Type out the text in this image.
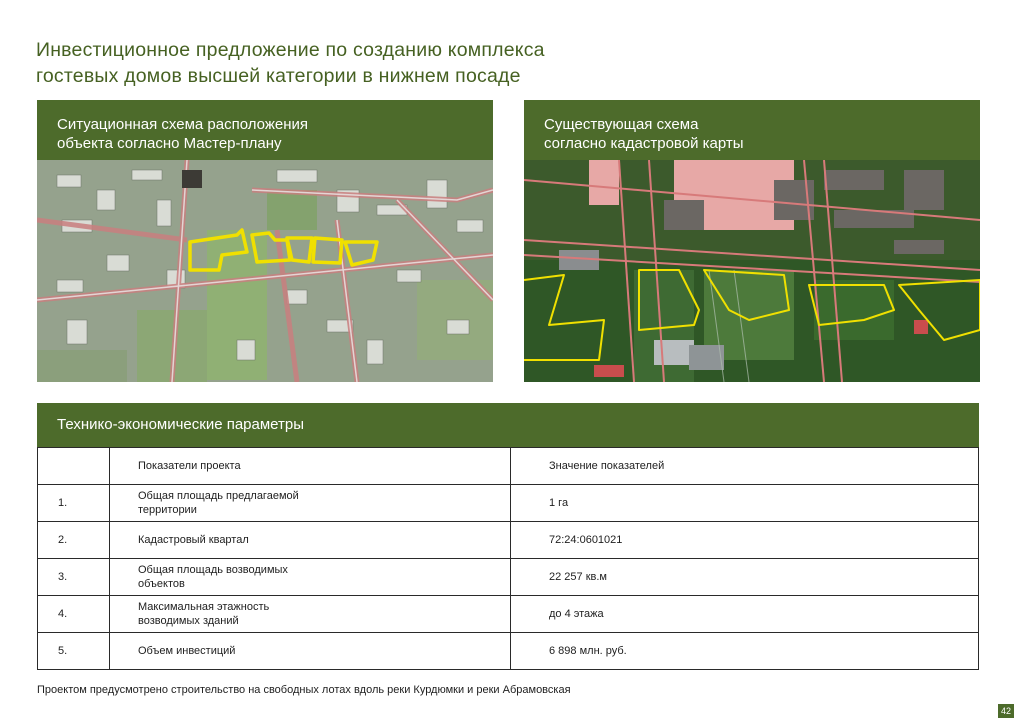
Инвестиционное предложение по созданию комплекса
гостевых домов высшей категории в нижнем посаде
Ситуационная схема расположения
объекта согласно Мастер-плану
Существующая схема
согласно кадастровой карты
Технико-экономические параметры
	Показатели проекта	Значение показателей
1.	Общая площадь предлагаемой
территории	1 га
2.	Кадастровый квартал	72:24:0601021
3.	Общая площадь возводимых
объектов	22 257 кв.м
4.	Максимальная этажность
возводимых зданий	до 4 этажа
5.	Объем инвестиций	6 898 млн. руб.
Проектом предусмотрено строительство на свободных лотах вдоль реки Курдюмки и реки Абрамовская
42
